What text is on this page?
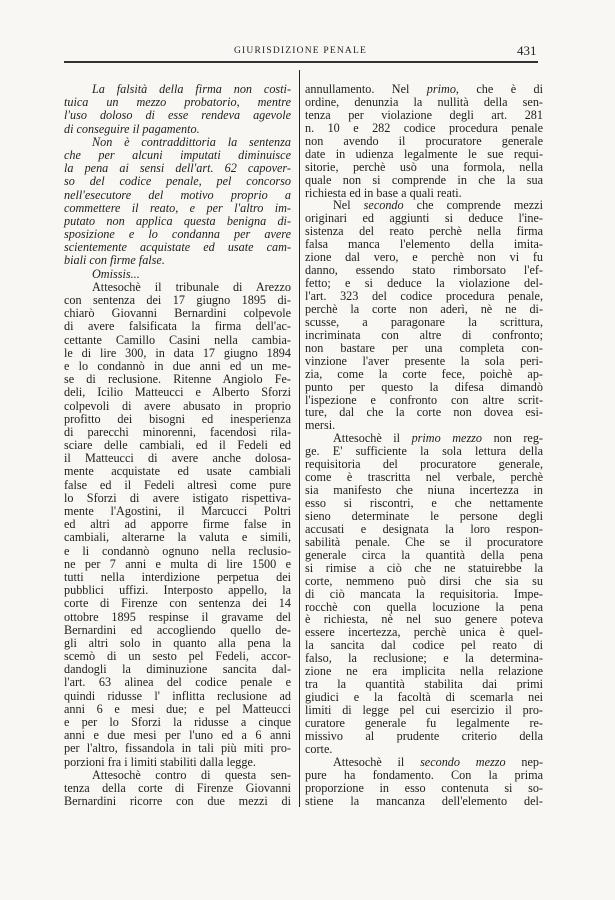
GIURISDIZIONE PENALE	431
La falsità della firma non costi-
tuica un mezzo probatorio, mentre
l'uso doloso di esse rendeva agevole
di conseguire il pagamento.
Non è contraddittoria la sentenza
che per alcuni imputati diminuisce
la pena ai sensi dell'art. 62 capover-
so del codice penale, pel concorso
nell'esecutore del motivo proprio a
commettere il reato, e per l'altro im-
putato non applica questa benigna di-
sposizione e lo condanna per avere
scientemente acquistate ed usate cam-
biali con firme false.
Omissis...
Attesochè il tribunale di Arezzo
con sentenza dei 17 giugno 1895 di-
chiarò Giovanni Bernardini colpevole
di avere falsificata la firma dell'ac-
cettante Camillo Casini nella cambia-
le di lire 300, in data 17 giugno 1894
e lo condannò in due anni ed un me-
se di reclusione. Ritenne Angiolo Fe-
deli, Icilio Matteucci e Alberto Sforzi
colpevoli di avere abusato in proprio
profitto dei bisogni ed inesperienza
di parecchi minorenni, facendosi rila-
sciare delle cambiali, ed il Fedeli ed
il Matteucci di avere anche dolosa-
mente acquistate ed usate cambiali
false ed il Fedeli altresì come pure
lo Sforzi di avere istigato rispettiva-
mente l'Agostini, il Marcucci Poltri
ed altri ad apporre firme false in
cambiali, alterarne la valuta e simili,
e li condannò ognuno nella reclusio-
ne per 7 anni e multa di lire 1500 e
tutti nella interdizione perpetua dei
pubblici uffizi. Interposto appello, la
corte di Firenze con sentenza dei 14
ottobre 1895 respinse il gravame del
Bernardini ed accogliendo quello de-
gli altri solo in quanto alla pena la
scemò di un sesto pel Fedeli, accor-
dandogli la diminuzione sancita dal-
l'art. 63 alinea del codice penale e
quindi ridusse l' inflitta reclusione ad
anni 6 e mesi due; e pel Matteucci
e per lo Sforzi la ridusse a cinque
anni e due mesi per l'uno ed a 6 anni
per l'altro, fissandola in tali più miti pro-
porzioni fra i limiti stabiliti dalla legge.
Attesochè contro di questa sen-
tenza della corte di Firenze Giovanni
Bernardini ricorre con due mezzi di
annullamento. Nel primo, che è di
ordine, denunzia la nullità della sen-
tenza per violazione degli art. 281
n. 10 e 282 codice procedura penale
non avendo il procuratore generale
date in udienza legalmente le sue requi-
sitorie, perchè usò una formola, nella
quale non si comprende in che la sua
richiesta ed in base a quali reati.
Nel secondo che comprende mezzi
originari ed aggiunti si deduce l'ine-
sistenza del reato perchè nella firma
falsa manca l'elemento della imita-
zione dal vero, e perchè non vi fu
danno, essendo stato rimborsato l'ef-
fetto; e si deduce la violazione del-
l'art. 323 del codice procedura penale,
perchè la corte non aderì, nè ne di-
scusse, a paragonare la scrittura,
incriminata con altre di confronto;
non bastare per una completa con-
vinzione l'aver presente la sola peri-
zia, come la corte fece, poichè ap-
punto per questo la difesa dimandò
l'ispezione e confronto con altre scrit-
ture, dal che la corte non dovea esi-
mersi.
Attesochè il primo mezzo non reg-
ge. E' sufficiente la sola lettura della
requisitoria del procuratore generale,
come è trascritta nel verbale, perchè
sia manifesto che niuna incertezza in
esso si riscontri, e che nettamente
sieno determinate le persone degli
accusati e designata la loro respon-
sabilità penale. Che se il procuratore
generale circa la quantità della pena
si rimise a ciò che ne statuirebbe la
corte, nemmeno può dirsi che sia su
di ciò mancata la requisitoria. Impe-
rocchè con quella locuzione la pena
è richiesta, nè nel suo genere poteva
essere incertezza, perchè unica è quel-
la sancita dal codice pel reato di
falso, la reclusione; e la determina-
zione ne era implicita nella relazione
tra la quantità stabilita dai primi
giudici e la facoltà di scemarla nei
limiti di legge pel cui esercizio il pro-
curatore generale fu legalmente re-
missivo al prudente criterio della
corte.
Attesochè il secondo mezzo nep-
pure ha fondamento. Con la prima
proporzione in esso contenuta si so-
stiene la mancanza dell'elemento del-
